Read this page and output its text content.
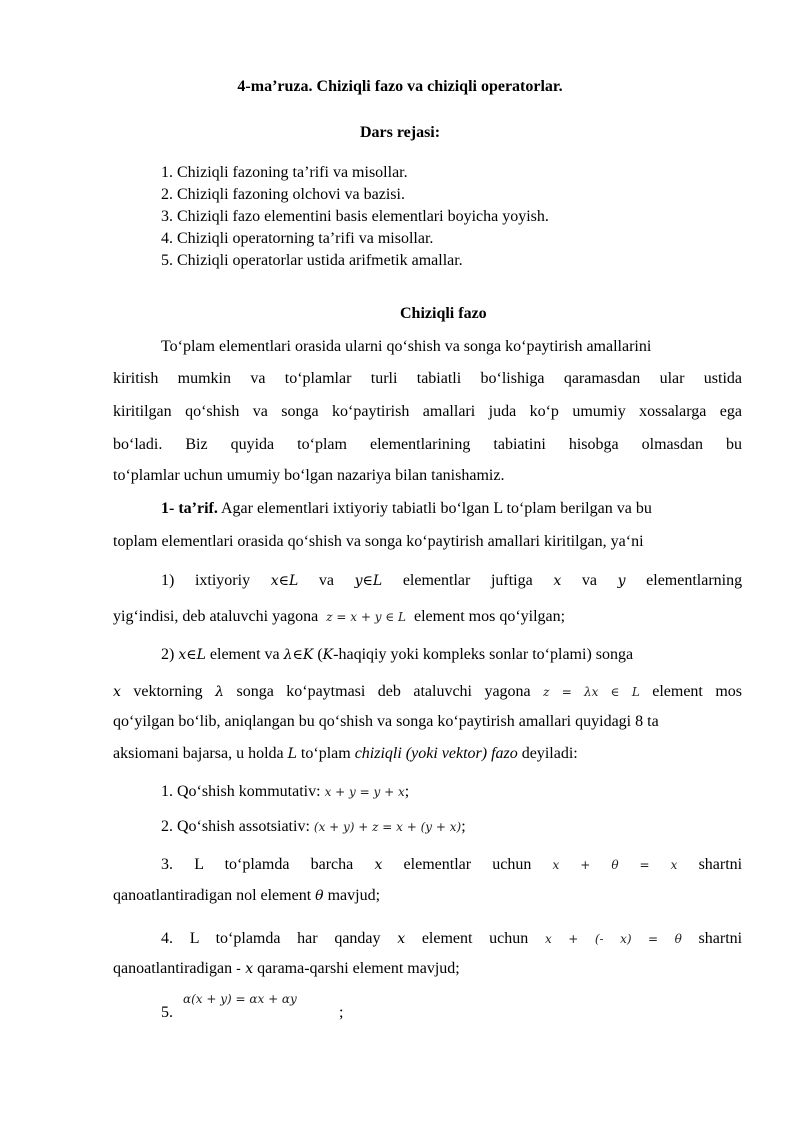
4-ma’ruza. Chiziqli fazo va chiziqli operatorlar.
Dars rejasi:
1. Chiziqli fazoning ta’rifi va misollar.
2. Chiziqli fazoning olchovi va bazisi.
3. Chiziqli fazo elementini basis elementlari boyicha yoyish.
4. Chiziqli operatorning ta’rifi va misollar.
5. Chiziqli operatorlar ustida arifmetik amallar.
Chiziqli fazo
To‘plam elementlari orasida ularni qo‘shish va songa ko‘paytirish amallarini
kiritish mumkin va to‘plamlar turli tabiatli bo‘lishiga qaramasdan ular ustida
kiritilgan qo‘shish va songa ko‘paytirish amallari juda ko‘p umumiy xossalarga ega
bo‘ladi. Biz quyida to‘plam elementlarining tabiatini hisobga olmasdan bu
to‘plamlar uchun umumiy bo‘lgan nazariya bilan tanishamiz.
1- ta’rif. Agar elementlari ixtiyoriy tabiatli bo‘lgan L to‘plam berilgan va bu
toplam elementlari orasida qo‘shish va songa ko‘paytirish amallari kiritilgan, ya‘ni
1) ixtiyoriy x∈L va y∈L elementlar juftiga x va y elementlarning
yig‘indisi, deb ataluvchi yagona z = x + y ∈ L element mos qo‘yilgan;
2) x∈L element va λ∈K (K-haqiqiy yoki kompleks sonlar to‘plami) songa
x vektorning λ songa ko‘paytmasi deb ataluvchi yagona z = λx ∈ L element mos
qo‘yilgan bo‘lib, aniqlangan bu qo‘shish va songa ko‘paytirish amallari quyidagi 8 ta
aksiomani bajarsa, u holda L to‘plam chiziqli (yoki vektor) fazo deyiladi:
1. Qo‘shish kommutativ: x + y = y + x;
2. Qo‘shish assotsiativ: (x + y) + z = x + (y + x);
3. L to‘plamda barcha x elementlar uchun x + θ = x shartni
qanoatlantiradigan nol element θ mavjud;
4. L to‘plamda har qanday x element uchun x + (- x) = θ shartni
qanoatlantiradigan - x qarama-qarshi element mavjud;
α(x + y) = αx + αy
5.	;
